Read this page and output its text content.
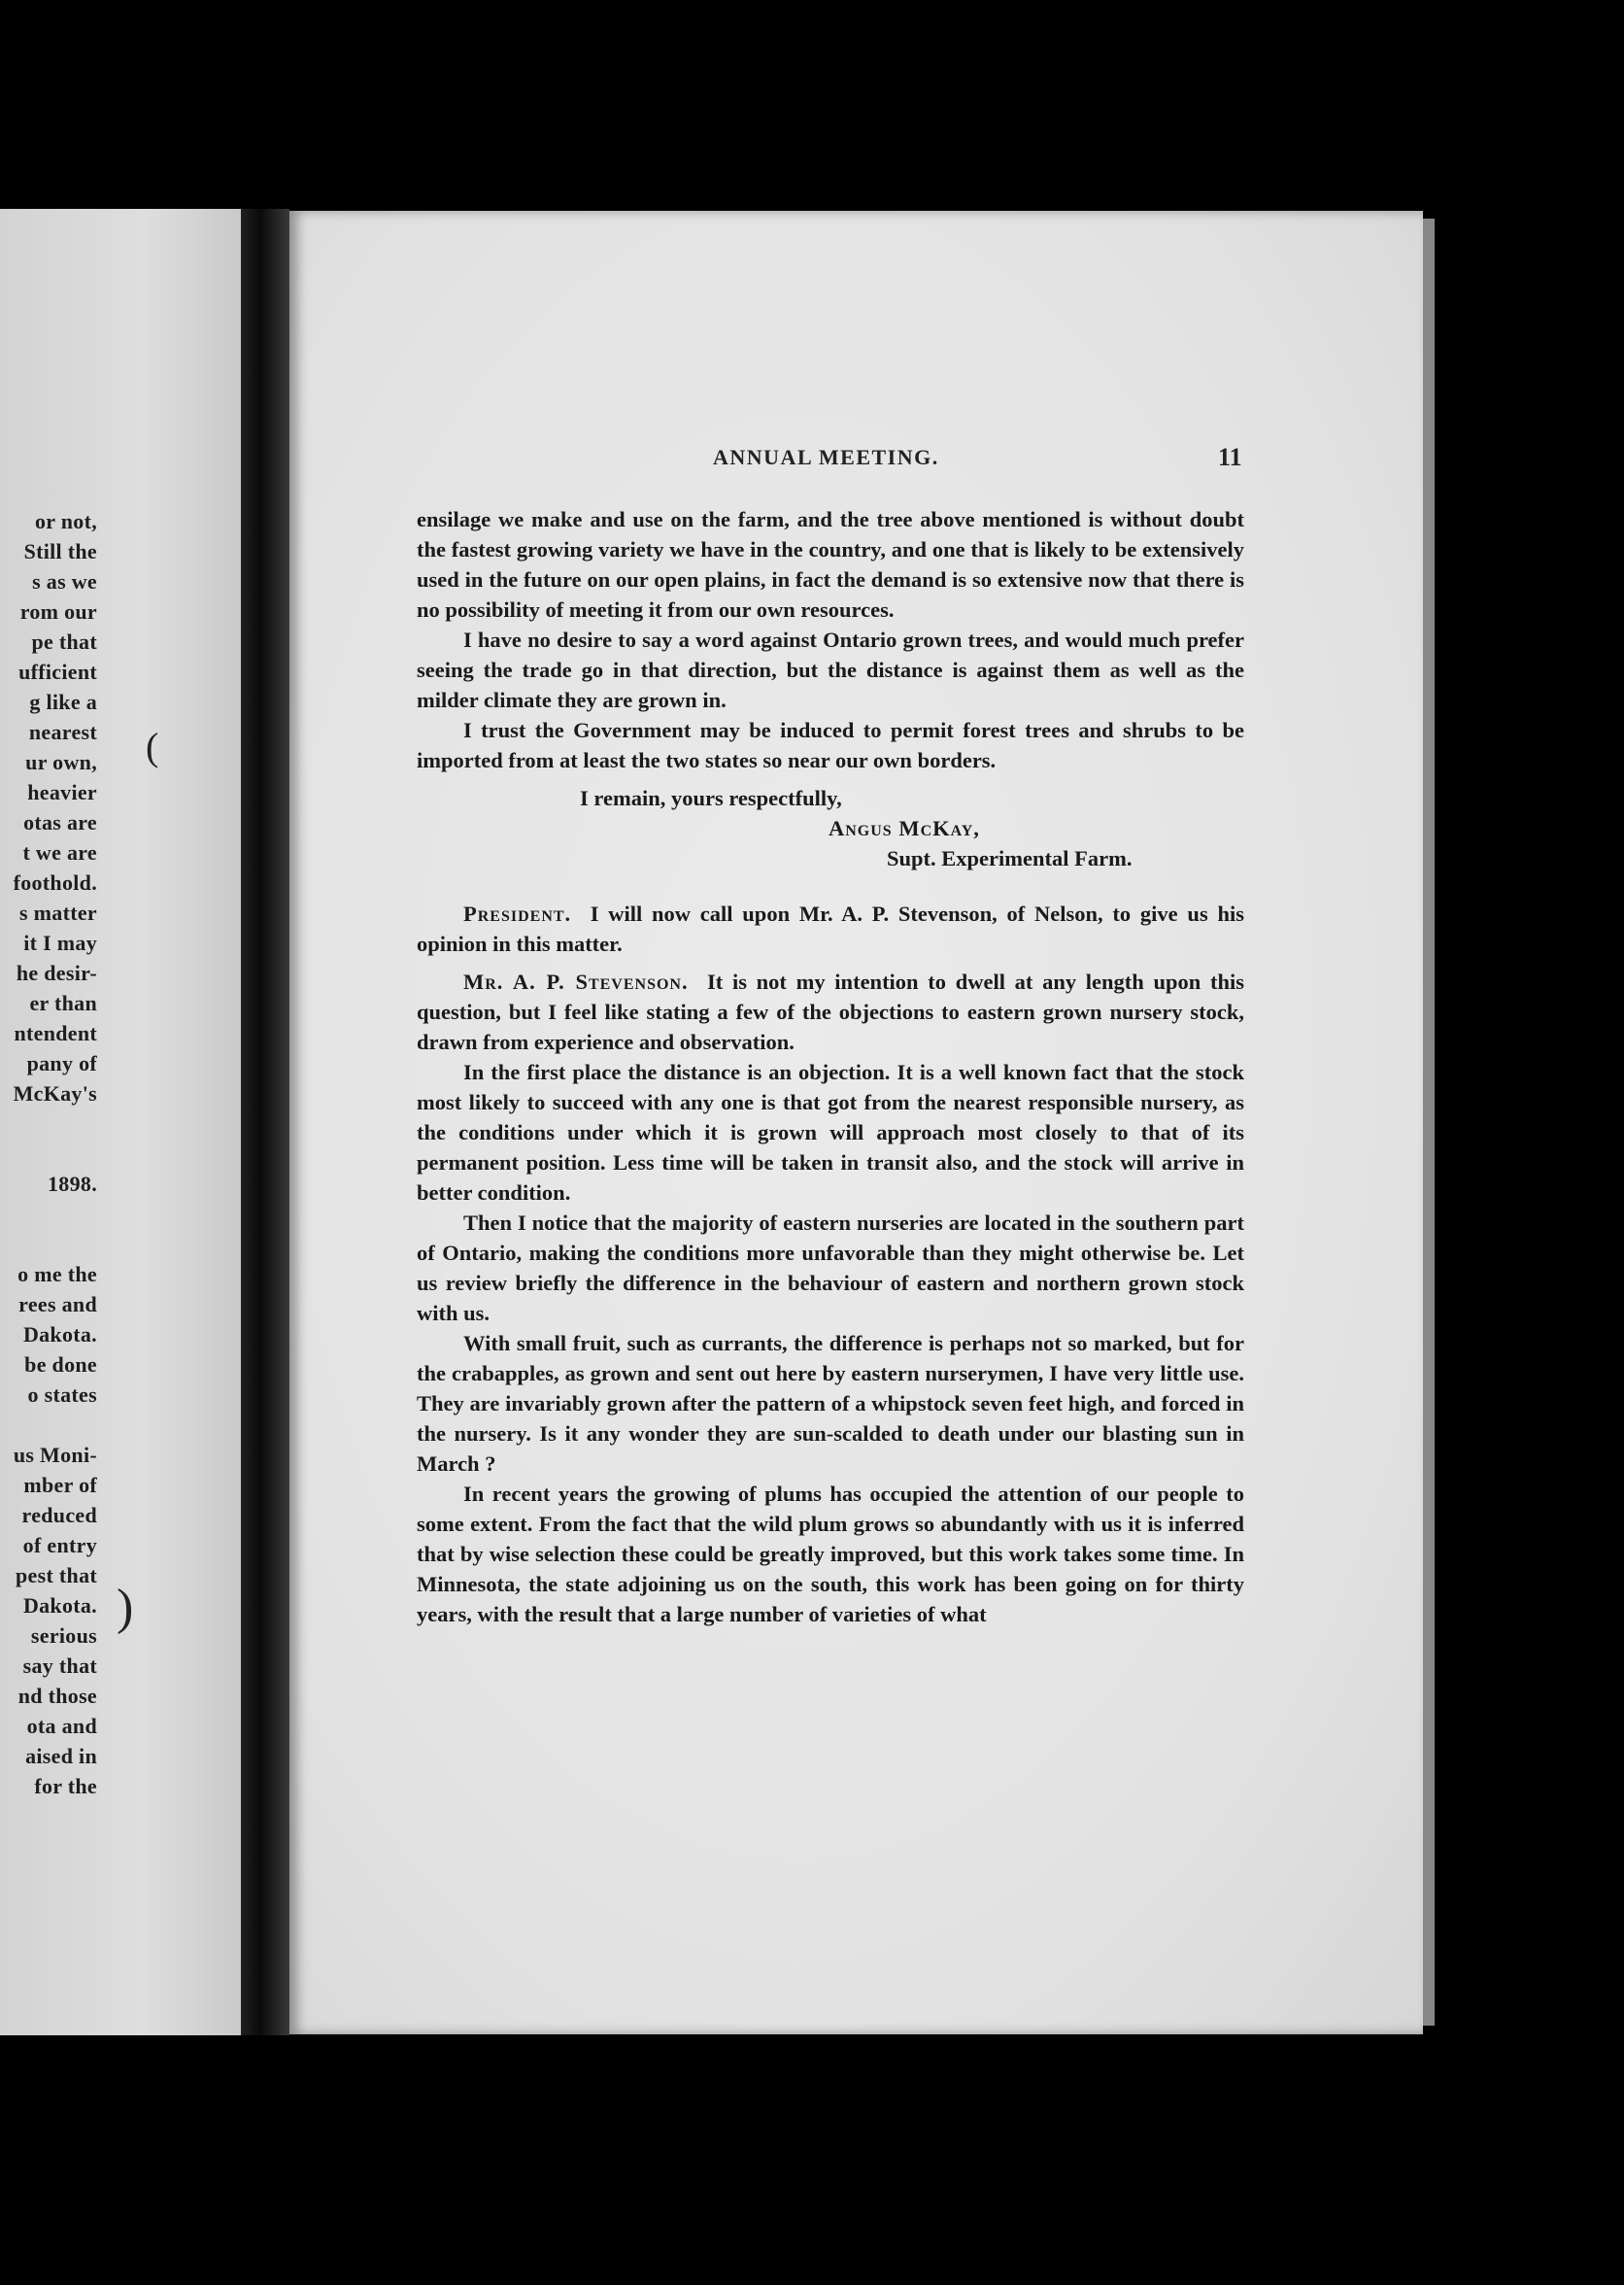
or not,
Still the
s as we
rom our
pe that
ufficient
g like a
nearest
ur own,
heavier
otas are
t we are
foothold.
s matter
it I may
he desir-
er than
ntendent
pany of
McKay's
1898.
o me the
rees and
Dakota.
be done
o states
us Moni-
mber of
reduced
of entry
pest that
Dakota.
serious
say that
nd those
ota and
aised in
for the
(
)
ANNUAL MEETING.	11

ensilage we make and use on the farm, and the tree above mentioned is without doubt the fastest growing variety we have in the country, and one that is likely to be extensively used in the future on our open plains, in fact the demand is so extensive now that there is no possibility of meeting it from our own resources.

I have no desire to say a word against Ontario grown trees, and would much prefer seeing the trade go in that direction, but the distance is against them as well as the milder climate they are grown in.

I trust the Government may be induced to permit forest trees and shrubs to be imported from at least the two states so near our own borders.

I remain, yours respectfully,
Angus McKay,
Supt. Experimental Farm.

President. I will now call upon Mr. A. P. Stevenson, of Nelson, to give us his opinion in this matter.

Mr. A. P. Stevenson. It is not my intention to dwell at any length upon this question, but I feel like stating a few of the objections to eastern grown nursery stock, drawn from experience and observation.

In the first place the distance is an objection. It is a well known fact that the stock most likely to succeed with any one is that got from the nearest responsible nursery, as the conditions under which it is grown will approach most closely to that of its permanent position. Less time will be taken in transit also, and the stock will arrive in better condition.

Then I notice that the majority of eastern nurseries are located in the southern part of Ontario, making the conditions more unfavorable than they might otherwise be. Let us review briefly the difference in the behaviour of eastern and northern grown stock with us.

With small fruit, such as currants, the difference is perhaps not so marked, but for the crabapples, as grown and sent out here by eastern nurserymen, I have very little use. They are invariably grown after the pattern of a whipstock seven feet high, and forced in the nursery. Is it any wonder they are sun-scalded to death under our blasting sun in March ?

In recent years the growing of plums has occupied the attention of our people to some extent. From the fact that the wild plum grows so abundantly with us it is inferred that by wise selection these could be greatly improved, but this work takes some time. In Minnesota, the state adjoining us on the south, this work has been going on for thirty years, with the result that a large number of varieties of what
